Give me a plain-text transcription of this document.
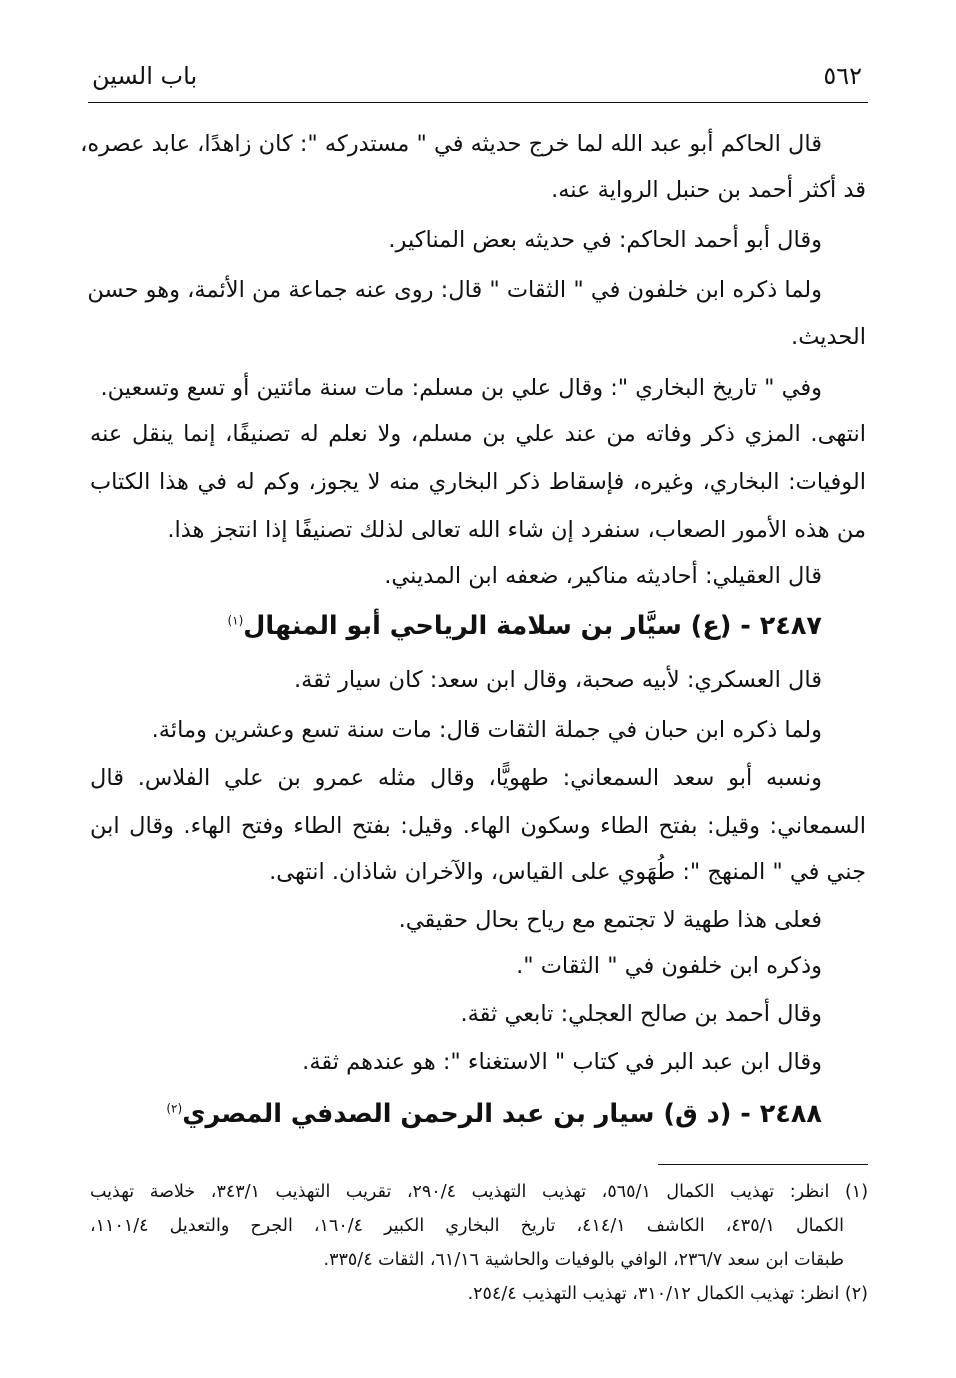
٥٦٢
باب السين
قال الحاكم أبو عبد الله لما خرج حديثه في " مستدركه ": كان زاهدًا، عابد عصره،
قد أكثر أحمد بن حنبل الرواية عنه.
وقال أبو أحمد الحاكم: في حديثه بعض المناكير.
ولما ذكره ابن خلفون في " الثقات " قال: روى عنه جماعة من الأئمة، وهو حسن
الحديث.
وفي " تاريخ البخاري ": وقال علي بن مسلم: مات سنة مائتين أو تسع وتسعين.
انتهى. المزي ذكر وفاته من عند علي بن مسلم، ولا نعلم له تصنيفًا، إنما ينقل عنه
الوفيات: البخاري، وغيره، فإسقاط ذكر البخاري منه لا يجوز، وكم له في هذا الكتاب
من هذه الأمور الصعاب، سنفرد إن شاء الله تعالى لذلك تصنيفًا إذا انتجز هذا.
قال العقيلي: أحاديثه مناكير، ضعفه ابن المديني.
٢٤٨٧ - (ع) سيَّار بن سلامة الرياحي أبو المنهال$^{(١)}$
قال العسكري: لأبيه صحبة، وقال ابن سعد: كان سيار ثقة.
ولما ذكره ابن حبان في جملة الثقات قال: مات سنة تسع وعشرين ومائة.
ونسبه أبو سعد السمعاني: طهويًّا، وقال مثله عمرو بن علي الفلاس. قال
السمعاني: وقيل: بفتح الطاء وسكون الهاء. وقيل: بفتح الطاء وفتح الهاء. وقال ابن
جني في " المنهج ": طُهَوي على القياس، والآخران شاذان. انتهى.
فعلى هذا طهية لا تجتمع مع رياح بحال حقيقي.
وذكره ابن خلفون في " الثقات ".
وقال أحمد بن صالح العجلي: تابعي ثقة.
وقال ابن عبد البر في كتاب " الاستغناء ": هو عندهم ثقة.
٢٤٨٨ - (د ق) سيار بن عبد الرحمن الصدفي المصري$^{(٢)}$
(١) انظر: تهذيب الكمال ٥٦٥/١، تهذيب التهذيب ٢٩٠/٤، تقريب التهذيب ٣٤٣/١، خلاصة تهذيب
الكمال ٤٣٥/١، الكاشف ٤١٤/١، تاريخ البخاري الكبير ١٦٠/٤، الجرح والتعديل ١١٠١/٤،
طبقات ابن سعد ٢٣٦/٧، الوافي بالوفيات والحاشية ٦١/١٦، الثقات ٣٣٥/٤.
(٢) انظر: تهذيب الكمال ٣١٠/١٢، تهذيب التهذيب ٢٥٤/٤.
